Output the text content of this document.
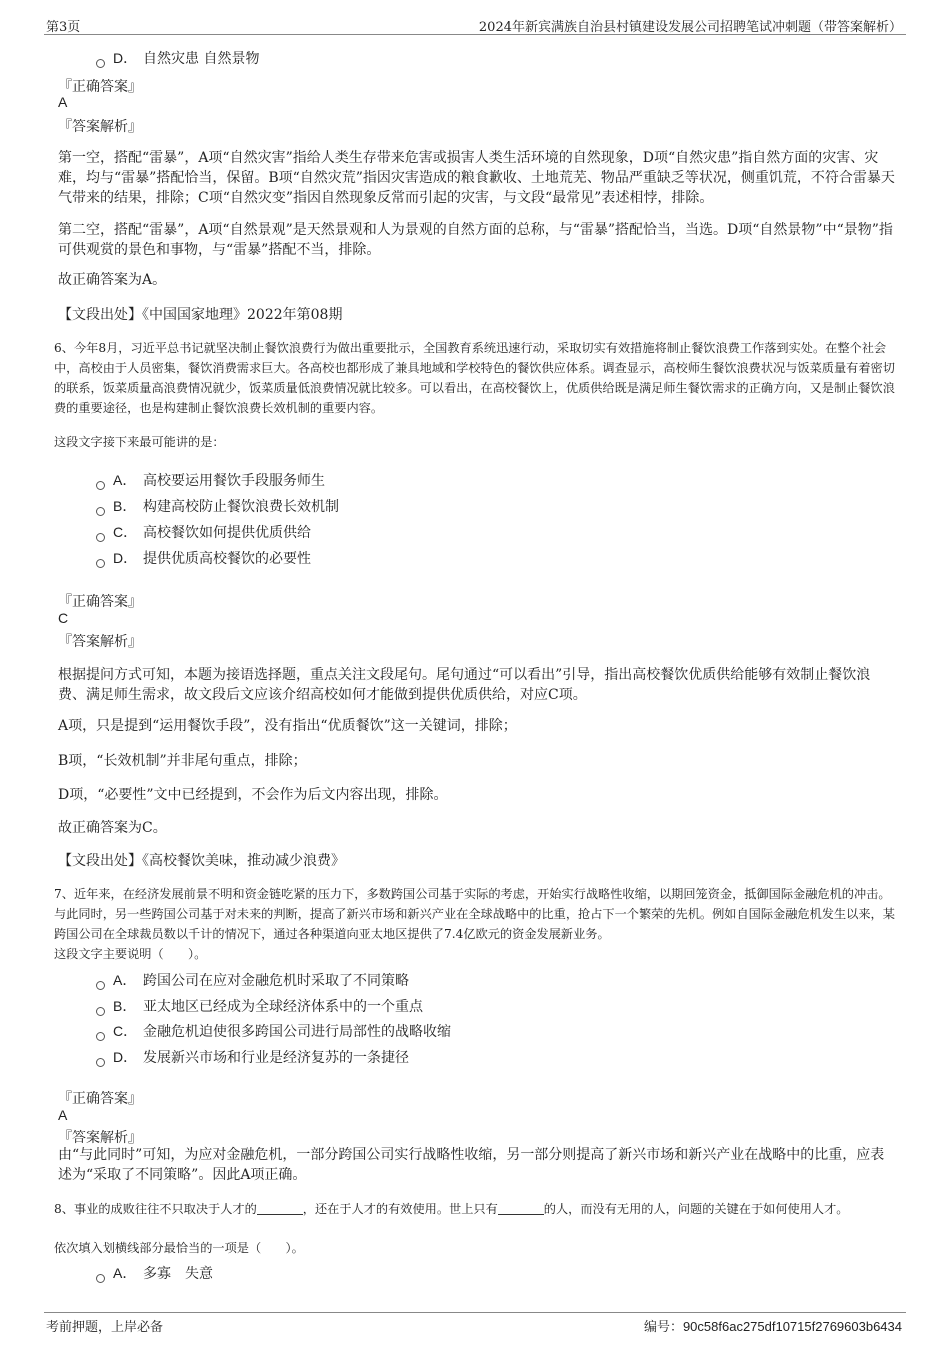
第3页	2024年新宾满族自治县村镇建设发展公司招聘笔试冲刺题（带答案解析）
D． 自然灾患 自然景物
『正确答案』
A
『答案解析』
第一空，搭配“雷暴”，A项“自然灾害”指给人类生存带来危害或损害人类生活环境的自然现象，D项“自然灾患”指自然方面的灾害、灾难，均与“雷暴”搭配恰当，保留。B项“自然灾荒”指因灾害造成的粮食歉收、土地荒芜、物品严重缺乏等状况，侧重饥荒，不符合雷暴天气带来的结果，排除；C项“自然灾变”指因自然现象反常而引起的灾害，与文段“最常见”表述相悖，排除。
第二空，搭配“雷暴”，A项“自然景观”是天然景观和人为景观的自然方面的总称，与“雷暴”搭配恰当，当选。D项“自然景物”中“景物”指可供观赏的景色和事物，与“雷暴”搭配不当，排除。
故正确答案为A。
【文段出处】《中国国家地理》2022年第08期
6、今年8月，习近平总书记就坚决制止餐饮浪费行为做出重要批示，全国教育系统迅速行动，采取切实有效措施将制止餐饮浪费工作落到实处。在整个社会中，高校由于人员密集，餐饮消费需求巨大。各高校也都形成了兼具地域和学校特色的餐饮供应体系。调查显示，高校师生餐饮浪费状况与饭菜质量有着密切的联系，饭菜质量高浪费情况就少，饭菜质量低浪费情况就比较多。可以看出，在高校餐饮上，优质供给既是满足师生餐饮需求的正确方向，又是制止餐饮浪费的重要途径，也是构建制止餐饮浪费长效机制的重要内容。
这段文字接下来最可能讲的是：
A． 高校要运用餐饮手段服务师生
B． 构建高校防止餐饮浪费长效机制
C． 高校餐饮如何提供优质供给
D． 提供优质高校餐饮的必要性
『正确答案』
C
『答案解析』
根据提问方式可知，本题为接语选择题，重点关注文段尾句。尾句通过“可以看出”引导，指出高校餐饮优质供给能够有效制止餐饮浪费、满足师生需求，故文段后文应该介绍高校如何才能做到提供优质供给，对应C项。
A项，只是提到“运用餐饮手段”，没有指出“优质餐饮”这一关键词，排除；
B项，“长效机制”并非尾句重点，排除；
D项，“必要性”文中已经提到，不会作为后文内容出现，排除。
故正确答案为C。
【文段出处】《高校餐饮美味，推动减少浪费》
7、近年来，在经济发展前景不明和资金链吃紧的压力下，多数跨国公司基于实际的考虑，开始实行战略性收缩，以期回笼资金，抵御国际金融危机的冲击。与此同时，另一些跨国公司基于对未来的判断，提高了新兴市场和新兴产业在全球战略中的比重，抢占下一个繁荣的先机。例如自国际金融危机发生以来，某跨国公司在全球裁员数以千计的情况下，通过各种渠道向亚太地区提供了7.4亿欧元的资金发展新业务。
这段文字主要说明（　　）。
A． 跨国公司在应对金融危机时采取了不同策略
B． 亚太地区已经成为全球经济体系中的一个重点
C． 金融危机迫使很多跨国公司进行局部性的战略收缩
D． 发展新兴市场和行业是经济复苏的一条捷径
『正确答案』
A
『答案解析』
由“与此同时”可知，为应对金融危机，一部分跨国公司实行战略性收缩，另一部分则提高了新兴市场和新兴产业在战略中的比重，应表述为“采取了不同策略”。因此A项正确。
8、事业的成败往往不只取决于人才的	，还在于人才的有效使用。世上只有	的人，而没有无用的人，问题的关键在于如何使用人才。
依次填入划横线部分最恰当的一项是（　　）。
A． 多寡　失意
考前押题，上岸必备	编号：90c58f6ac275df10715f2769603b6434
